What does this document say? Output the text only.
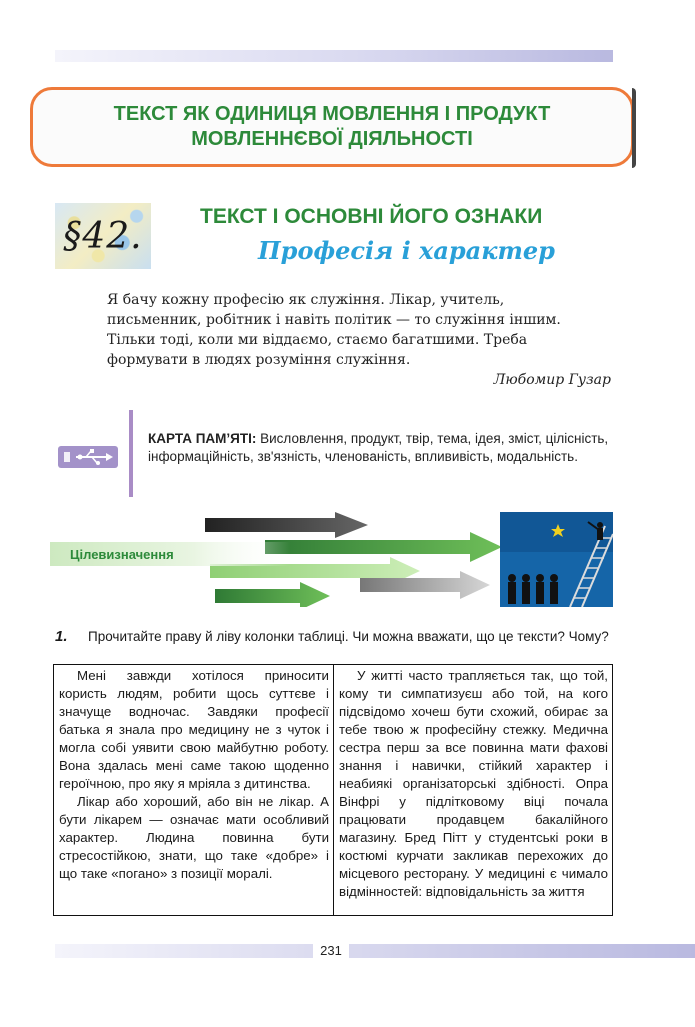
ТЕКСТ ЯК ОДИНИЦЯ МОВЛЕННЯ І ПРОДУКТ МОВЛЕННЄВОЇ ДІЯЛЬНОСТІ
§42.	ТЕКСТ І ОСНОВНІ ЙОГО ОЗНАКИ
Професія і характер

Я бачу кожну професію як служіння. Лікар, учитель, письменник, робітник і навіть політик — то служіння іншим. Тільки тоді, коли ми віддаємо, стаємо багатшими. Треба формувати в людях розуміння служіння.

Любомир Гузар
КАРТА ПАМ’ЯТІ: Висловлення, продукт, твір, тема, ідея, зміст, цілісність, інформаційність, зв'язність, членованість, вплививість, модальність.
Цілевизначення
1. Прочитайте праву й ліву колонки таблиці. Чи можна вважати, що це тексти? Чому?

Мені завжди хотілося приносити користь людям, робити щось суттєве і значуще водночас. Завдяки професії батька я знала про медицину не з чуток і могла собі уявити свою майбутню роботу. Вона здалась мені саме такою щоденно героїчною, про яку я мріяла з дитинства.

Лікар або хороший, або він не лікар. А бути лікарем — означає мати особливий характер. Людина повинна бути стресостійкою, знати, що таке «добре» і що таке «погано» з позиції моралі.

У житті часто трапляється так, що той, кому ти симпатизуєш або той, на кого підсвідомо хочеш бути схожий, обирає за тебе твою ж професійну стежку. Медична сестра перш за все повинна мати фахові знання і навички, стійкий характер і неабиякі організаторські здібності. Опра Вінфрі у підлітковому віці почала працювати продавцем бакалійного магазину. Бред Пітт у студентські роки в костюмі курчати закликав перехожих до місцевого ресторану. У медицині є чимало відмінностей: відповідальність за життя

231
